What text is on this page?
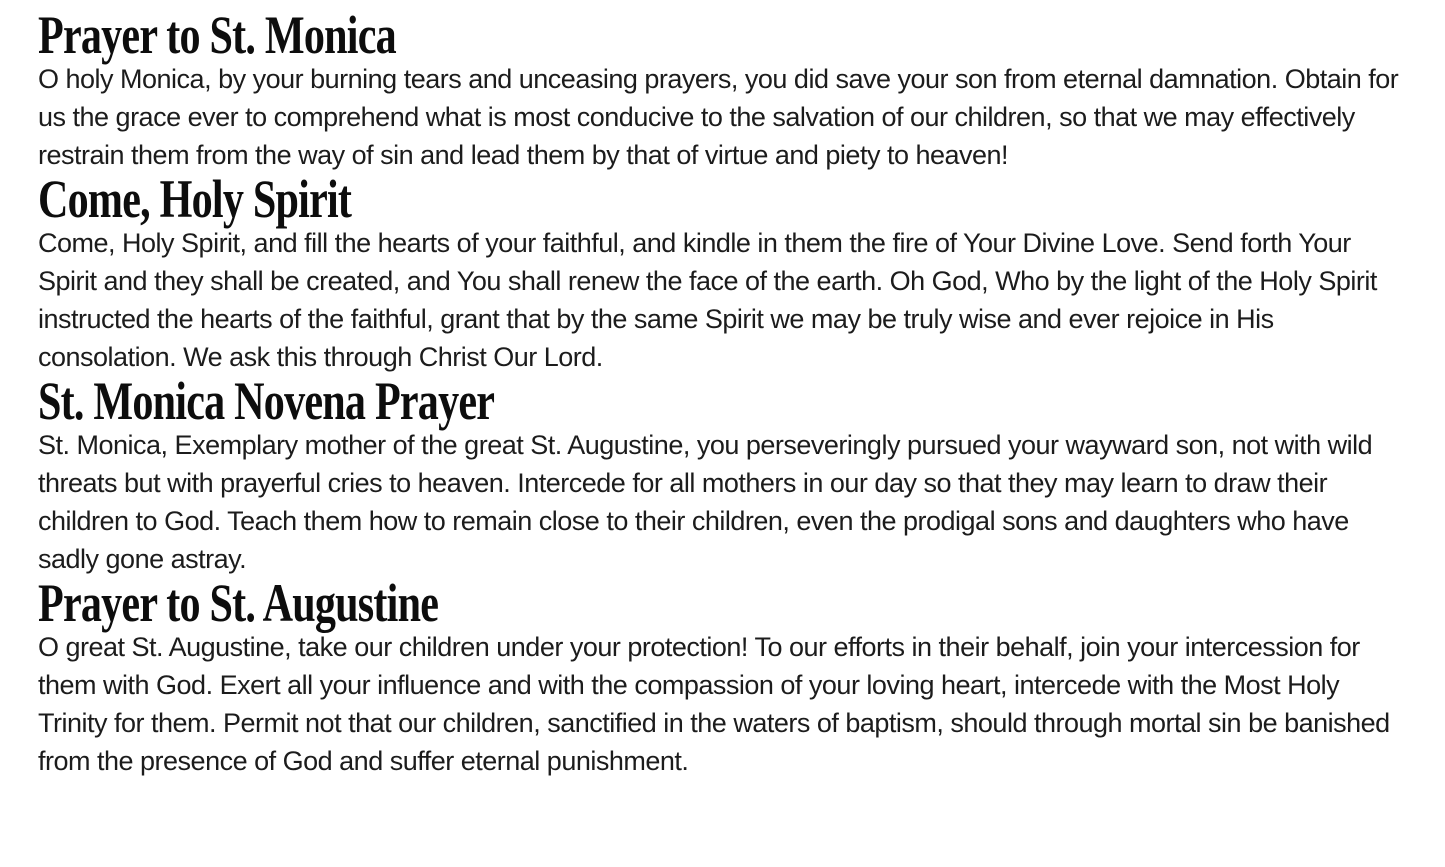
Prayer to St. Monica

O holy Monica, by your burning tears and unceasing prayers, you did save your son from eternal damnation. Obtain for us the grace ever to comprehend what is most conducive to the salvation of our children, so that we may effectively restrain them from the way of sin and lead them by that of virtue and piety to heaven!

Come, Holy Spirit

Come, Holy Spirit, and fill the hearts of your faithful, and kindle in them the fire of Your Divine Love. Send forth Your Spirit and they shall be created, and You shall renew the face of the earth. Oh God, Who by the light of the Holy Spirit instructed the hearts of the faithful, grant that by the same Spirit we may be truly wise and ever rejoice in His consolation. We ask this through Christ Our Lord.

St. Monica Novena Prayer

St. Monica, Exemplary mother of the great St. Augustine, you perseveringly pursued your wayward son, not with wild threats but with prayerful cries to heaven. Intercede for all mothers in our day so that they may learn to draw their children to God. Teach them how to remain close to their children, even the prodigal sons and daughters who have sadly gone astray.

Prayer to St. Augustine

O great St. Augustine, take our children under your protection! To our efforts in their behalf, join your intercession for them with God. Exert all your influence and with the compassion of your loving heart, intercede with the Most Holy Trinity for them. Permit not that our children, sanctified in the waters of baptism, should through mortal sin be banished from the presence of God and suffer eternal punishment.
